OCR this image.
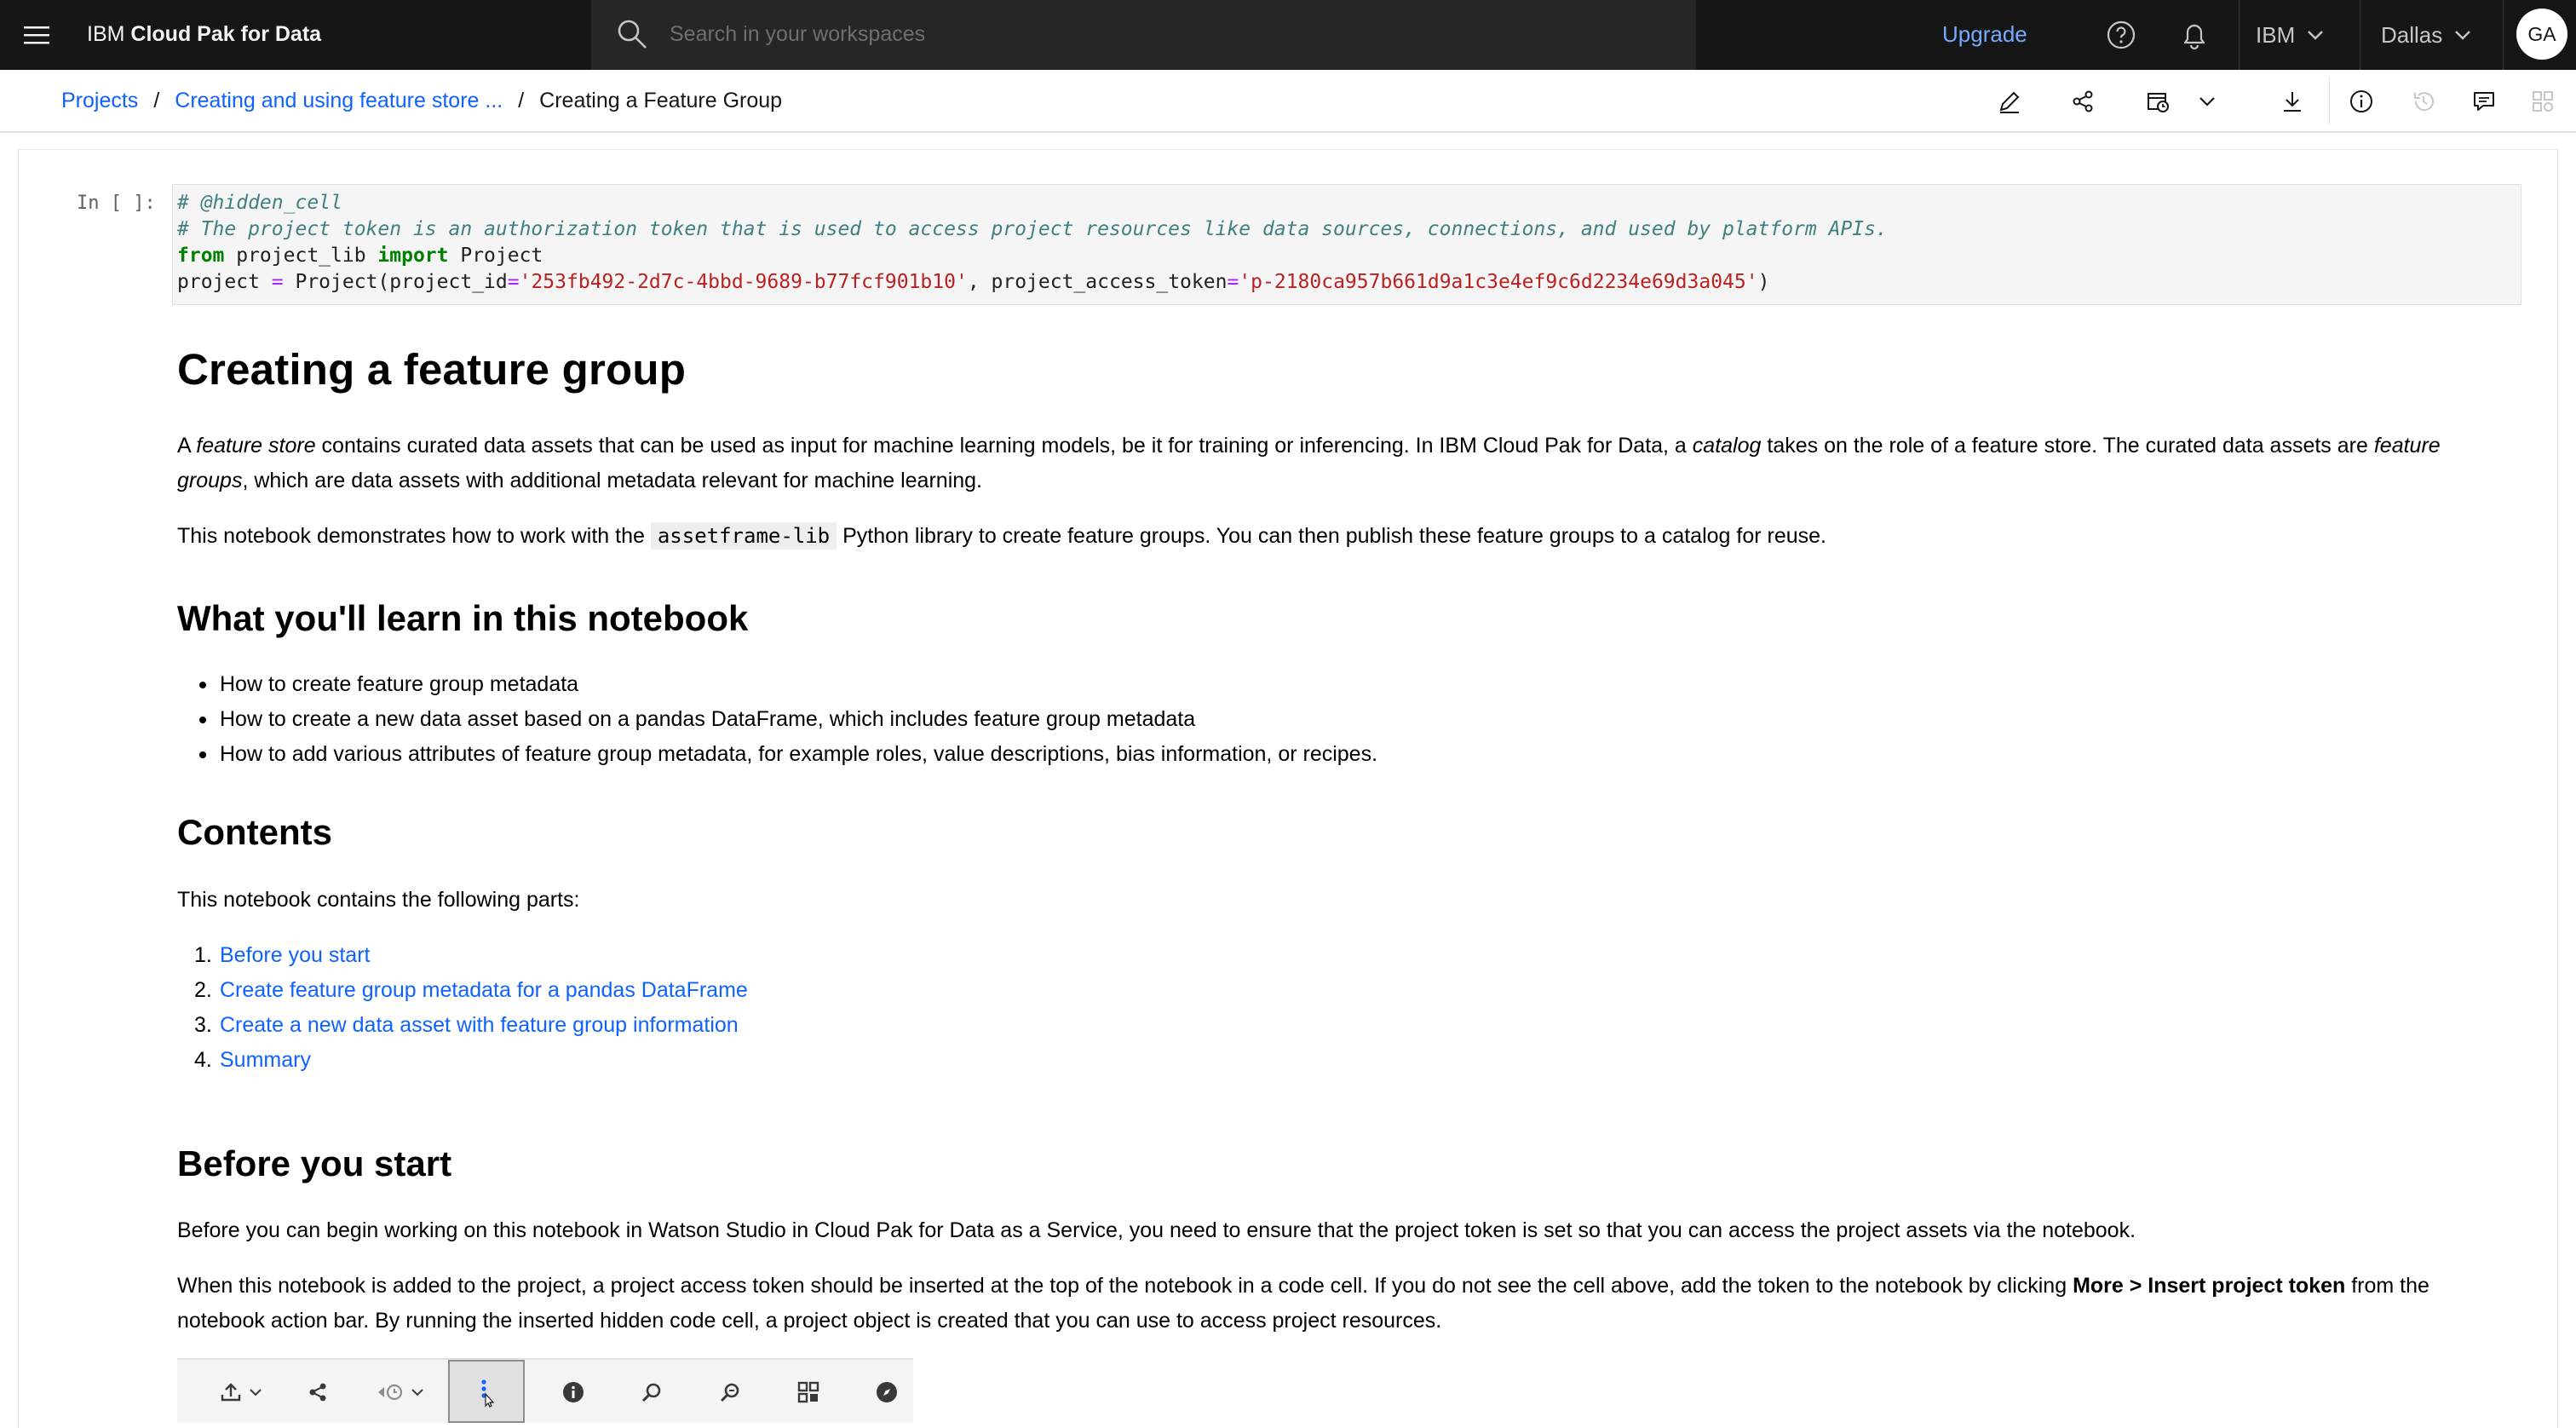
IBM Cloud Pak for Data
Search in your workspaces	Upgrade	IBM	Dallas	GA
Projects / Creating and using feature store ... / Creating a Feature Group
In [ ]: # @hidden_cell
# The project token is an authorization token that is used to access project resources like data sources, connections, and used by platform APIs.
from project_lib import Project
project = Project(project_id='253fb492-2d7c-4bbd-9689-b77fcf901b10', project_access_token='p-2180ca957b661d9a1c3e4ef9c6d2234e69d3a045')
Creating a feature group
A feature store contains curated data assets that can be used as input for machine learning models, be it for training or inferencing. In IBM Cloud Pak for Data, a catalog takes on the role of a feature store. The curated data assets are feature groups, which are data assets with additional metadata relevant for machine learning.
This notebook demonstrates how to work with the assetframe-lib Python library to create feature groups. You can then publish these feature groups to a catalog for reuse.
What you'll learn in this notebook
How to create feature group metadata
How to create a new data asset based on a pandas DataFrame, which includes feature group metadata
How to add various attributes of feature group metadata, for example roles, value descriptions, bias information, or recipes.
Contents
This notebook contains the following parts:
1. Before you start
2. Create feature group metadata for a pandas DataFrame
3. Create a new data asset with feature group information
4. Summary
Before you start
Before you can begin working on this notebook in Watson Studio in Cloud Pak for Data as a Service, you need to ensure that the project token is set so that you can access the project assets via the notebook.
When this notebook is added to the project, a project access token should be inserted at the top of the notebook in a code cell. If you do not see the cell above, add the token to the notebook by clicking More > Insert project token from the notebook action bar. By running the inserted hidden code cell, a project object is created that you can use to access project resources.
